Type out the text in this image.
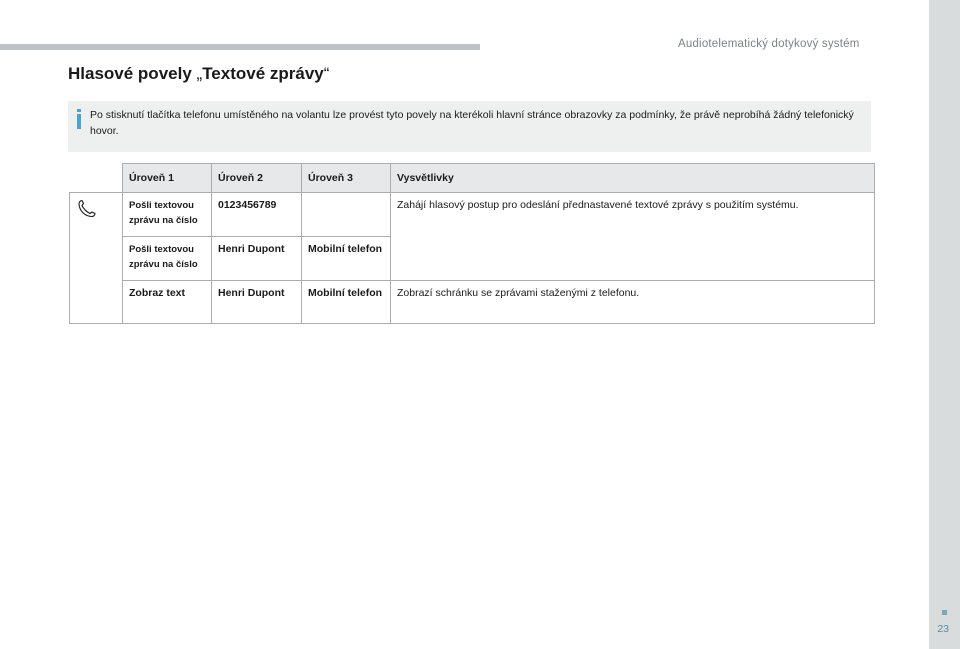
Audiotelematický dotykový systém
23
Hlasové povely „Textové zprávy“
Po stisknutí tlačítka telefonu umístěného na volantu lze provést tyto povely na kterékoli hlavní stránce obrazovky za podmínky, že právě neprobíhá žádný telefonický hovor.
	Úroveň 1	Úroveň 2	Úroveň 3	Vysvětlivky
	Pošli textovou zprávu na číslo	0123456789		Zahájí hlasový postup pro odeslání přednastavené textové zprávy s použitím systému.
	Pošli textovou zprávu na číslo	Henri Dupont	Mobilní telefon	
	Zobraz text	Henri Dupont	Mobilní telefon	Zobrazí schránku se zprávami staženými z telefonu.
